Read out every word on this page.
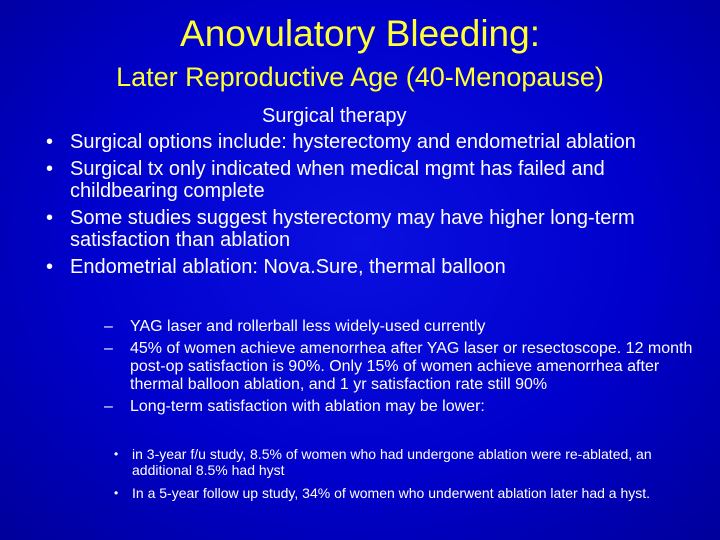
Anovulatory Bleeding:
Later Reproductive Age (40-Menopause)

Surgical therapy

• Surgical options include: hysterectomy and endometrial ablation
• Surgical tx only indicated when medical mgmt has failed and childbearing complete
• Some studies suggest hysterectomy may have higher long-term satisfaction than ablation
• Endometrial ablation: Nova.Sure, thermal balloon
– YAG laser and rollerball less widely-used currently
– 45% of women achieve amenorrhea after YAG laser or resectoscope. 12 month post-op satisfaction is 90%. Only 15% of women achieve amenorrhea after thermal balloon ablation, and 1 yr satisfaction rate still 90%
– Long-term satisfaction with ablation may be lower:
• in 3-year f/u study, 8.5% of women who had undergone ablation were re-ablated, an additional 8.5% had hyst
• In a 5-year follow up study, 34% of women who underwent ablation later had a hyst.
